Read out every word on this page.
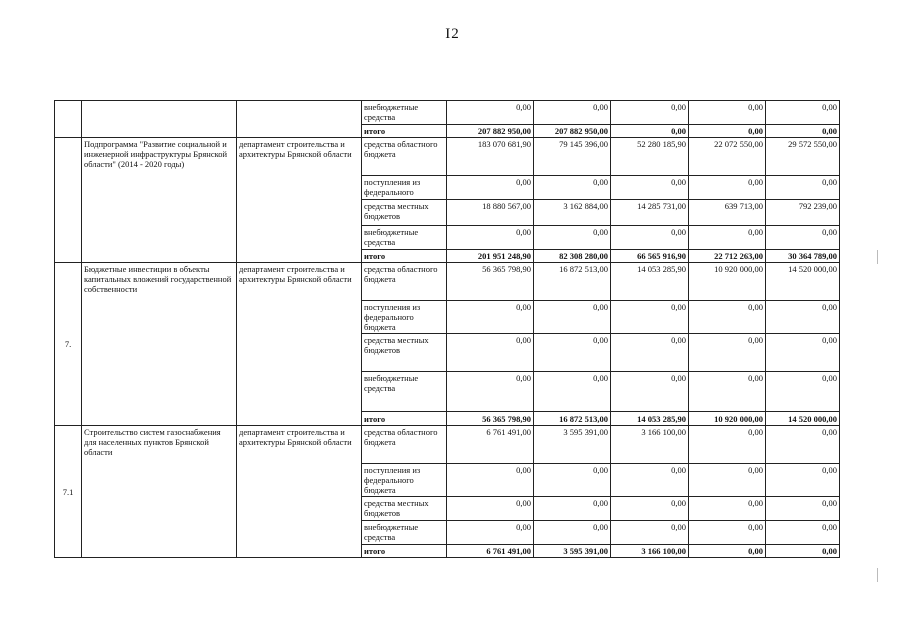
I2
			внебюджетные средства	0,00	0,00	0,00	0,00	0,00
			итого	207 882 950,00	207 882 950,00	0,00	0,00	0,00
	Подпрограмма "Развитие социальной и инженерной инфраструктуры Брянской области" (2014 - 2020 годы)	департамент строительства и архитектуры Брянской области	средства областного бюджета	183 070 681,90	79 145 396,00	52 280 185,90	22 072 550,00	29 572 550,00
			поступления из федерального	0,00	0,00	0,00	0,00	0,00
			средства местных бюджетов	18 880 567,00	3 162 884,00	14 285 731,00	639 713,00	792 239,00
			внебюджетные средства	0,00	0,00	0,00	0,00	0,00
			итого	201 951 248,90	82 308 280,00	66 565 916,90	22 712 263,00	30 364 789,00

7.	Бюджетные инвестиции в объекты капитальных вложений государственной собственности	департамент строительства и архитектуры Брянской области	средства областного бюджета	56 365 798,90	16 872 513,00	14 053 285,90	10 920 000,00	14 520 000,00
			поступления из федерального бюджета	0,00	0,00	0,00	0,00	0,00
			средства местных бюджетов	0,00	0,00	0,00	0,00	0,00
			внебюджетные средства	0,00	0,00	0,00	0,00	0,00
			итого	56 365 798,90	16 872 513,00	14 053 285,90	10 920 000,00	14 520 000,00

7.1	Строительство систем газоснабжения для населенных пунктов Брянской области	департамент строительства и архитектуры Брянской области	средства областного бюджета	6 761 491,00	3 595 391,00	3 166 100,00	0,00	0,00
			поступления из федерального бюджета	0,00	0,00	0,00	0,00	0,00
			средства местных бюджетов	0,00	0,00	0,00	0,00	0,00
			внебюджетные средства	0,00	0,00	0,00	0,00	0,00
			итого	6 761 491,00	3 595 391,00	3 166 100,00	0,00	0,00
